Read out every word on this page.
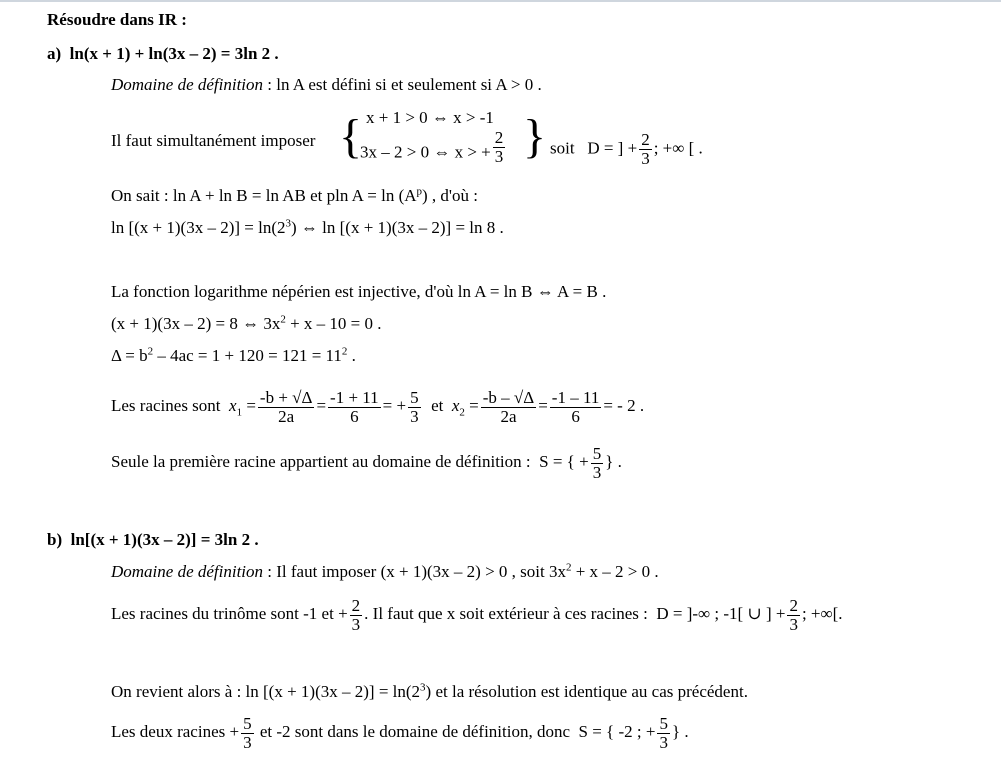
Résoudre dans IR :
a) ln(x + 1) + ln(3x – 2) = 3ln 2 .
Domaine de définition : ln A est défini si et seulement si A > 0 .
Il faut simultanément imposer { x + 1 > 0 ⇔ x > -1
3x – 2 > 0 ⇔ x > + $\frac{2}{3}$ } soit D = ] + $\frac{2}{3}$ ; +∞ [ .
On sait : ln A + ln B = ln AB et pln $A = \ln (A^p)$ , d'où :
$\ln [(x + 1)(3x - 2)] = \ln(2^3)$ ⇔ ln [(x + 1)(3x – 2)] = ln 8 .
La fonction logarithme népérien est injective, d'où ln A = ln B ⇔ A = B .
(x + 1)(3x – 2) = 8 ⇔ $3x^2 + x - 10 = 0$ .
$\Delta = b^2 - 4ac = 1 + 120 = 121 = 11^2$ .
Les racines sont $x_1 = \frac{-b + √\Delta}{2a} = \frac{-1 + 11}{6}$ = + $\frac{5}{3}$ et $x_2 = \frac{-b - √\Delta}{2a} = \frac{-1 - 11}{6}$ = - 2 .
Seule la première racine appartient au domaine de définition : S = { + $\frac{5}{3}$ } .
b) ln[(x + 1)(3x – 2)] = 3ln 2 .
Domaine de définition : Il faut imposer (x + 1)(3x – 2) > 0 , soit $3x^2 + x - 2 > 0$ .
Les racines du trinôme sont -1 et + $\frac{2}{3}$ . Il faut que x soit extérieur à ces racines : D = ]-∞ ; -1[ ∪ ] + $\frac{2}{3}$ ; +∞[.
On revient alors à : $\ln [(x + 1)(3x - 2)] = \ln(2^3)$ et la résolution est identique au cas précédent.
Les deux racines + $\frac{5}{3}$ et -2 sont dans le domaine de définition, donc S = { -2 ; + $\frac{5}{3}$ } .
